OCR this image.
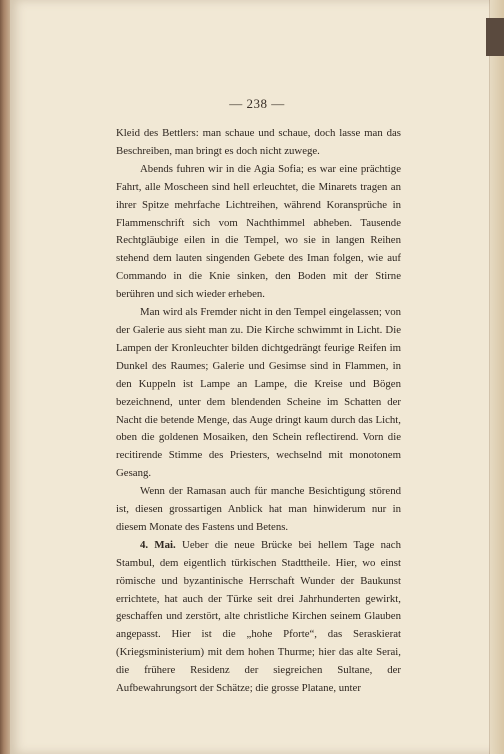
— 238 —

Kleid des Bettlers: man schaue und schaue, doch lasse man das Beschreiben, man bringt es doch nicht zuwege.

Abends fuhren wir in die Agia Sofia; es war eine prächtige Fahrt, alle Moscheen sind hell erleuchtet, die Minarets tragen an ihrer Spitze mehrfache Lichtreihen, während Koransprüche in Flammenschrift sich vom Nachthimmel abheben. Tausende Rechtgläubige eilen in die Tempel, wo sie in langen Reihen stehend dem lauten singenden Gebete des Iman folgen, wie auf Commando in die Knie sinken, den Boden mit der Stirne berühren und sich wieder erheben.

Man wird als Fremder nicht in den Tempel eingelassen; von der Galerie aus sieht man zu. Die Kirche schwimmt in Licht. Die Lampen der Kronleuchter bilden dichtgedrängt feurige Reifen im Dunkel des Raumes; Galerie und Gesimse sind in Flammen, in den Kuppeln ist Lampe an Lampe, die Kreise und Bögen bezeichnend, unter dem blendenden Scheine im Schatten der Nacht die betende Menge, das Auge dringt kaum durch das Licht, oben die goldenen Mosaiken, den Schein reflectirend. Vorn die recitirende Stimme des Priesters, wechselnd mit monotonem Gesang.

Wenn der Ramasan auch für manche Besichtigung störend ist, diesen grossartigen Anblick hat man hinwiderum nur in diesem Monate des Fastens und Betens.

4. Mai. Ueber die neue Brücke bei hellem Tage nach Stambul, dem eigentlich türkischen Stadttheile. Hier, wo einst römische und byzantinische Herrschaft Wunder der Baukunst errichtete, hat auch der Türke seit drei Jahrhunderten gewirkt, geschaffen und zerstört, alte christliche Kirchen seinem Glauben angepasst. Hier ist die „hohe Pforte“, das Seraskierat (Kriegsministerium) mit dem hohen Thurme; hier das alte Serai, die frühere Residenz der siegreichen Sultane, der Aufbewahrungsort der Schätze; die grosse Platane, unter
